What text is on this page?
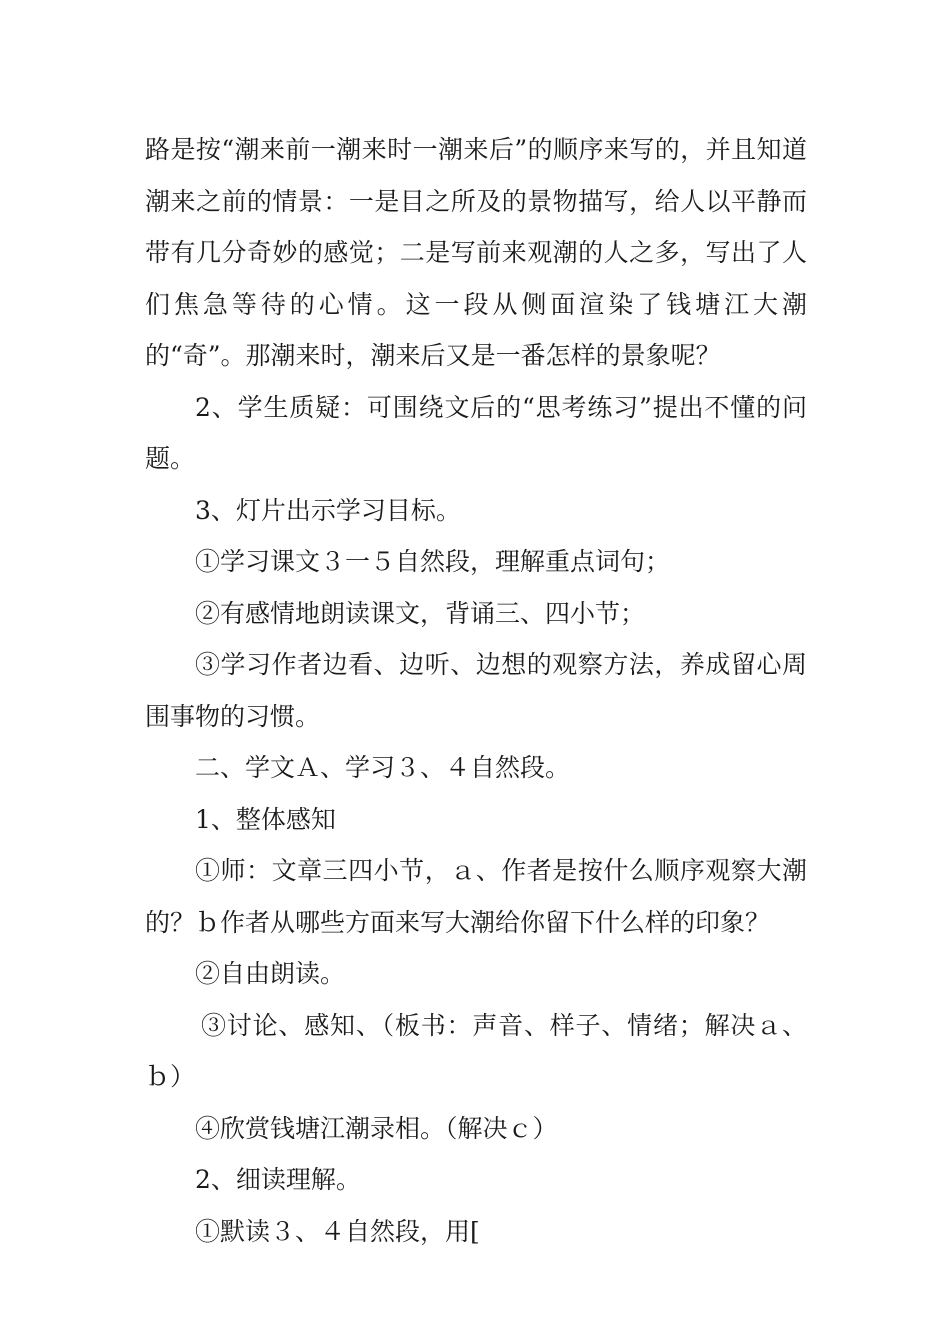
路是按“潮来前一潮来时一潮来后”的顺序来写的，并且知道潮来之前的情景：一是目之所及的景物描写，给人以平静而带有几分奇妙的感觉；二是写前来观潮的人之多，写出了人们焦急等待的心情。这一段从侧面渲染了钱塘江大潮的“奇”。那潮来时，潮来后又是一番怎样的景象呢？

2、学生质疑：可围绕文后的“思考练习”提出不懂的问题。

3、灯片出示学习目标。

①学习课文３一５自然段，理解重点词句；

②有感情地朗读课文，背诵三、四小节；

③学习作者边看、边听、边想的观察方法，养成留心周围事物的习惯。

二、学文Ａ、学习３、４自然段。

1、整体感知

①师：文章三四小节，ａ、作者是按什么顺序观察大潮的？ｂ作者从哪些方面来写大潮给你留下什么样的印象？

②自由朗读。

③讨论、感知、（板书：声音、样子、情绪；解决ａ、ｂ）

④欣赏钱塘江潮录相。（解决ｃ）

2、细读理解。

①默读３、４自然段，用[
